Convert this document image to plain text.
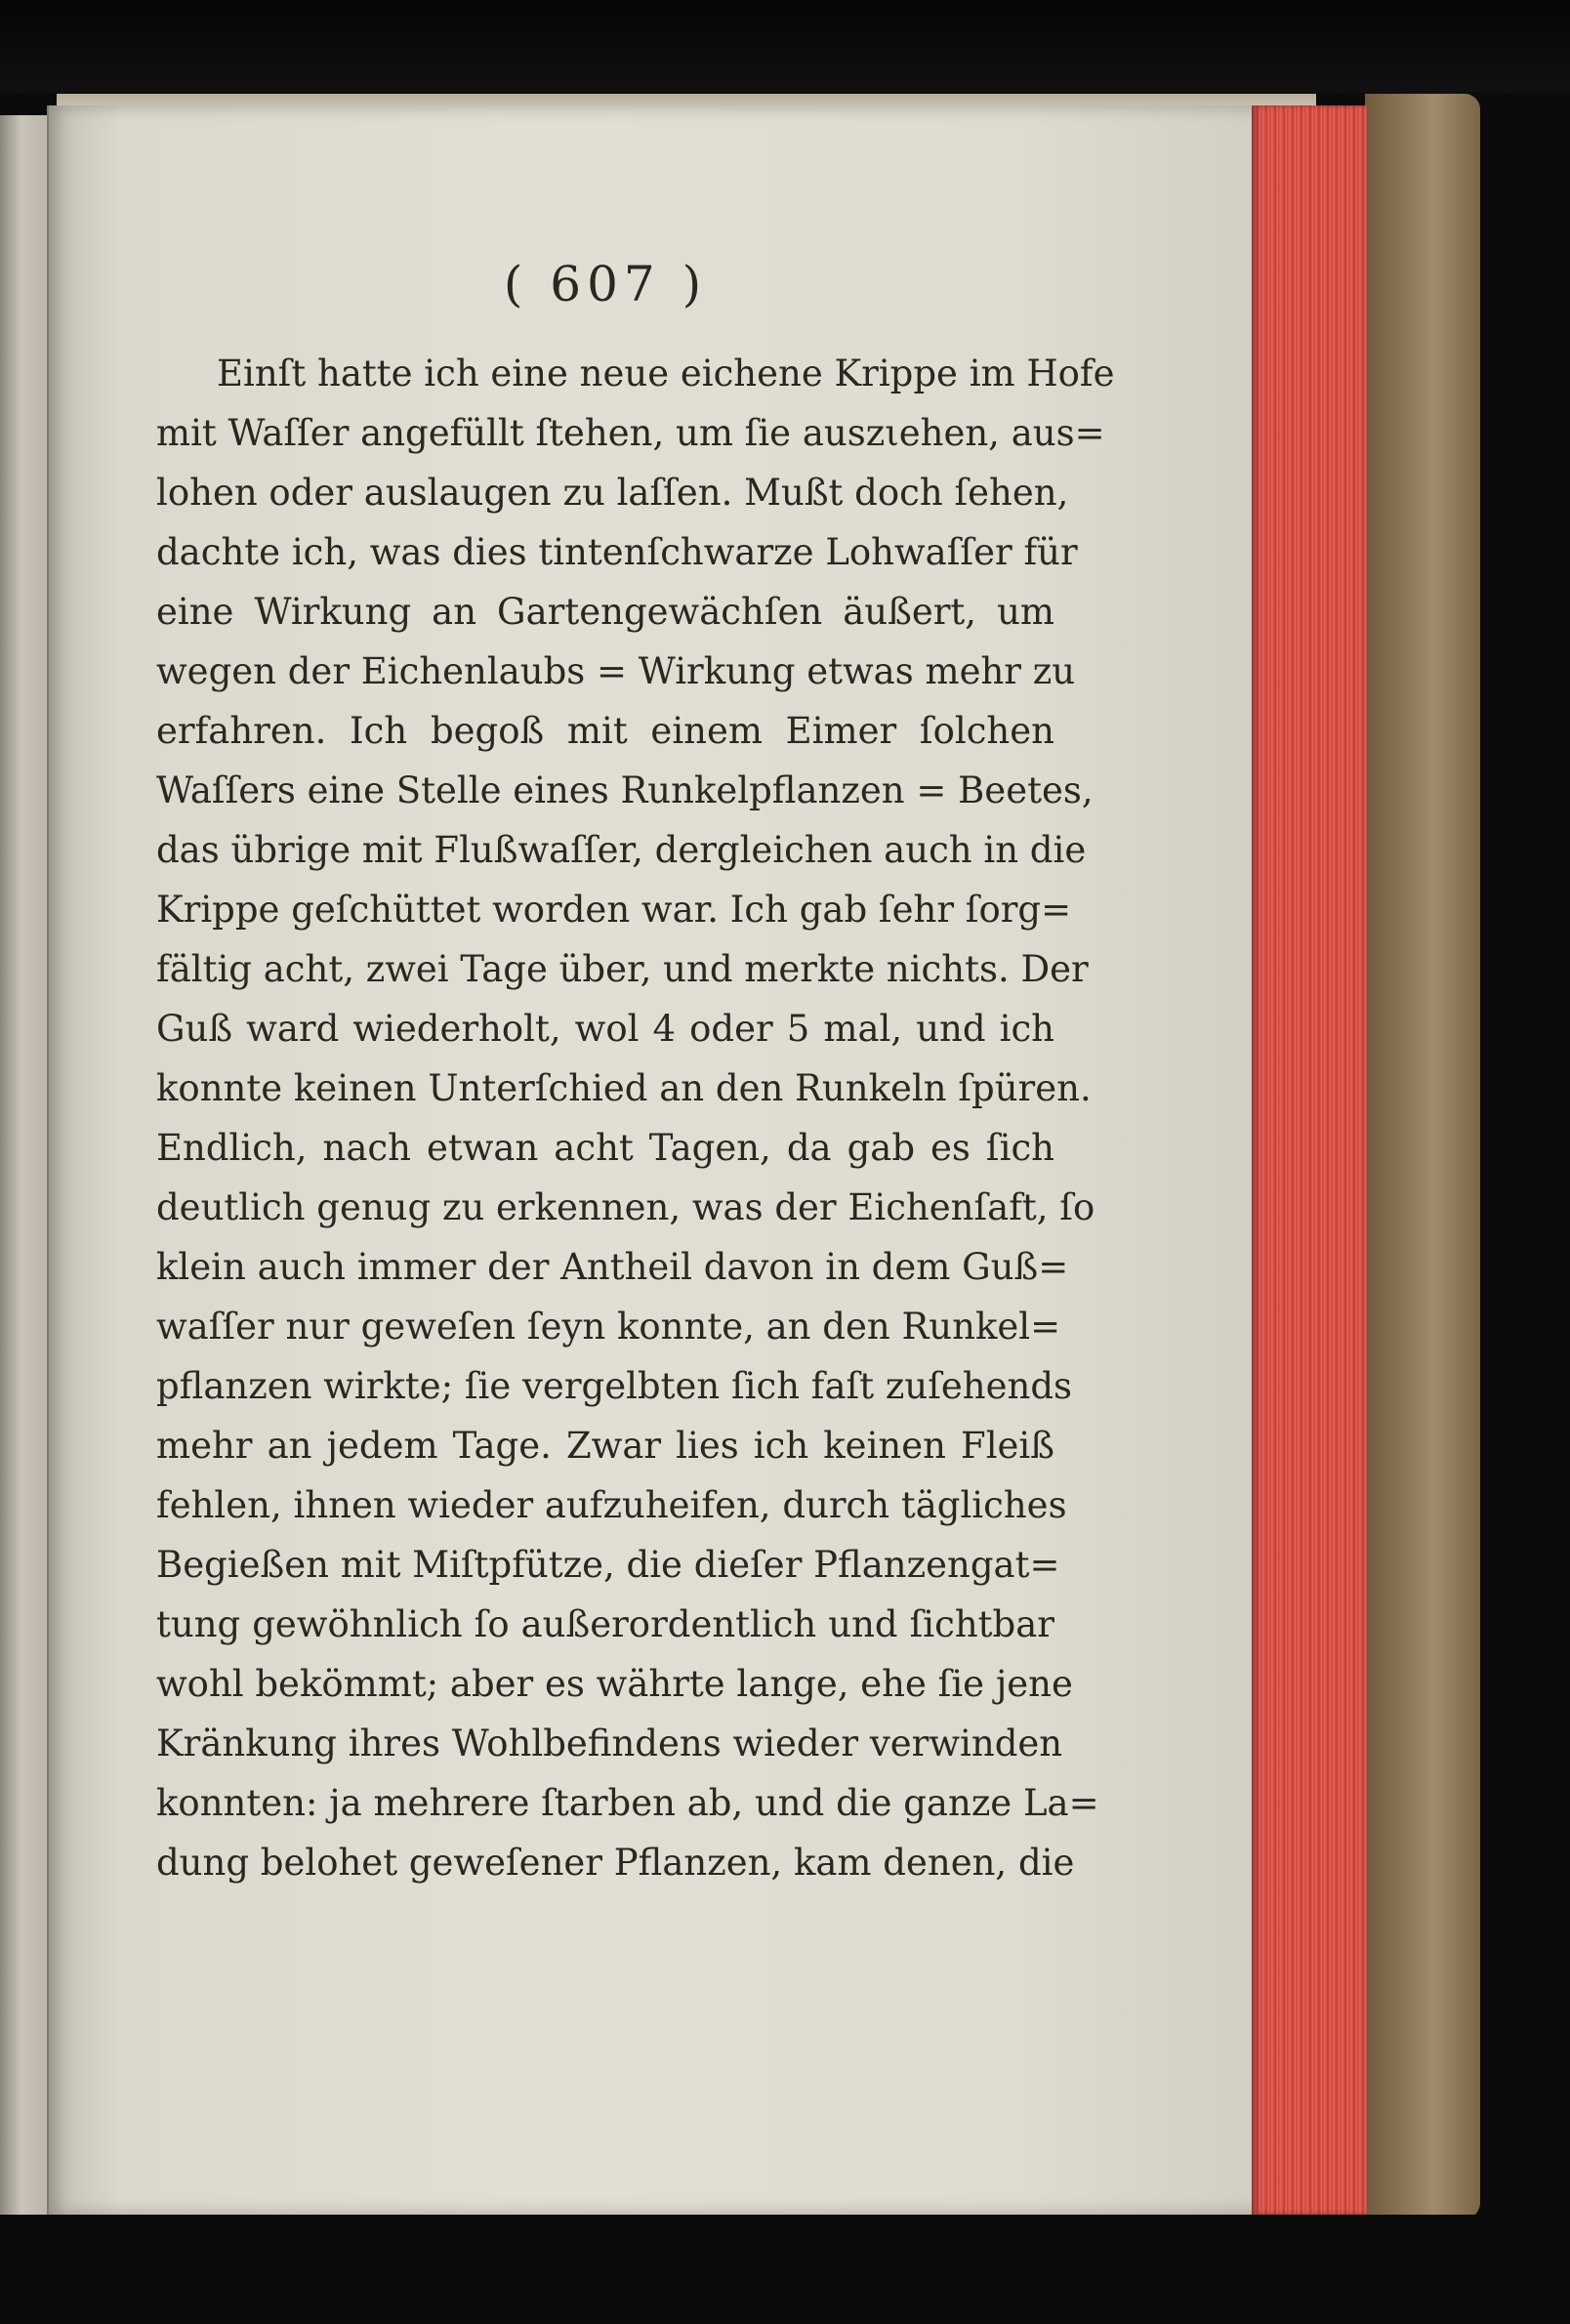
( 607 )
Einſt hatte ich eine neue eichene Krippe im Hofe
mit Waſſer angefüllt ſtehen, um ſie auszιehen, aus=
lohen oder auslaugen zu laſſen. Mußt doch ſehen,
dachte ich, was dies tintenſchwarze Lohwaſſer für
eine Wirkung an Gartengewächſen äußert, um
wegen der Eichenlaubs = Wirkung etwas mehr zu
erfahren. Ich begoß mit einem Eimer ſolchen
Waſſers eine Stelle eines Runkelpflanzen = Beetes,
das übrige mit Flußwaſſer, dergleichen auch in die
Krippe geſchüttet worden war. Ich gab ſehr ſorg=
fältig acht, zwei Tage über, und merkte nichts. Der
Guß ward wiederholt, wol 4 oder 5 mal, und ich
konnte keinen Unterſchied an den Runkeln ſpüren.
Endlich, nach etwan acht Tagen, da gab es ſich
deutlich genug zu erkennen, was der Eichenſaft, ſo
klein auch immer der Antheil davon in dem Guß=
waſſer nur geweſen ſeyn konnte, an den Runkel=
pflanzen wirkte; ſie vergelbten ſich faſt zuſehends
mehr an jedem Tage. Zwar lies ich keinen Fleiß
fehlen, ihnen wieder aufzuheifen, durch tägliches
Begießen mit Miſtpfütze, die dieſer Pflanzengat=
tung gewöhnlich ſo außerordentlich und ſichtbar
wohl bekömmt; aber es währte lange, ehe ſie jene
Kränkung ihres Wohlbefindens wieder verwinden
konnten: ja mehrere ſtarben ab, und die ganze La=
dung belohet geweſener Pflanzen, kam denen, die
